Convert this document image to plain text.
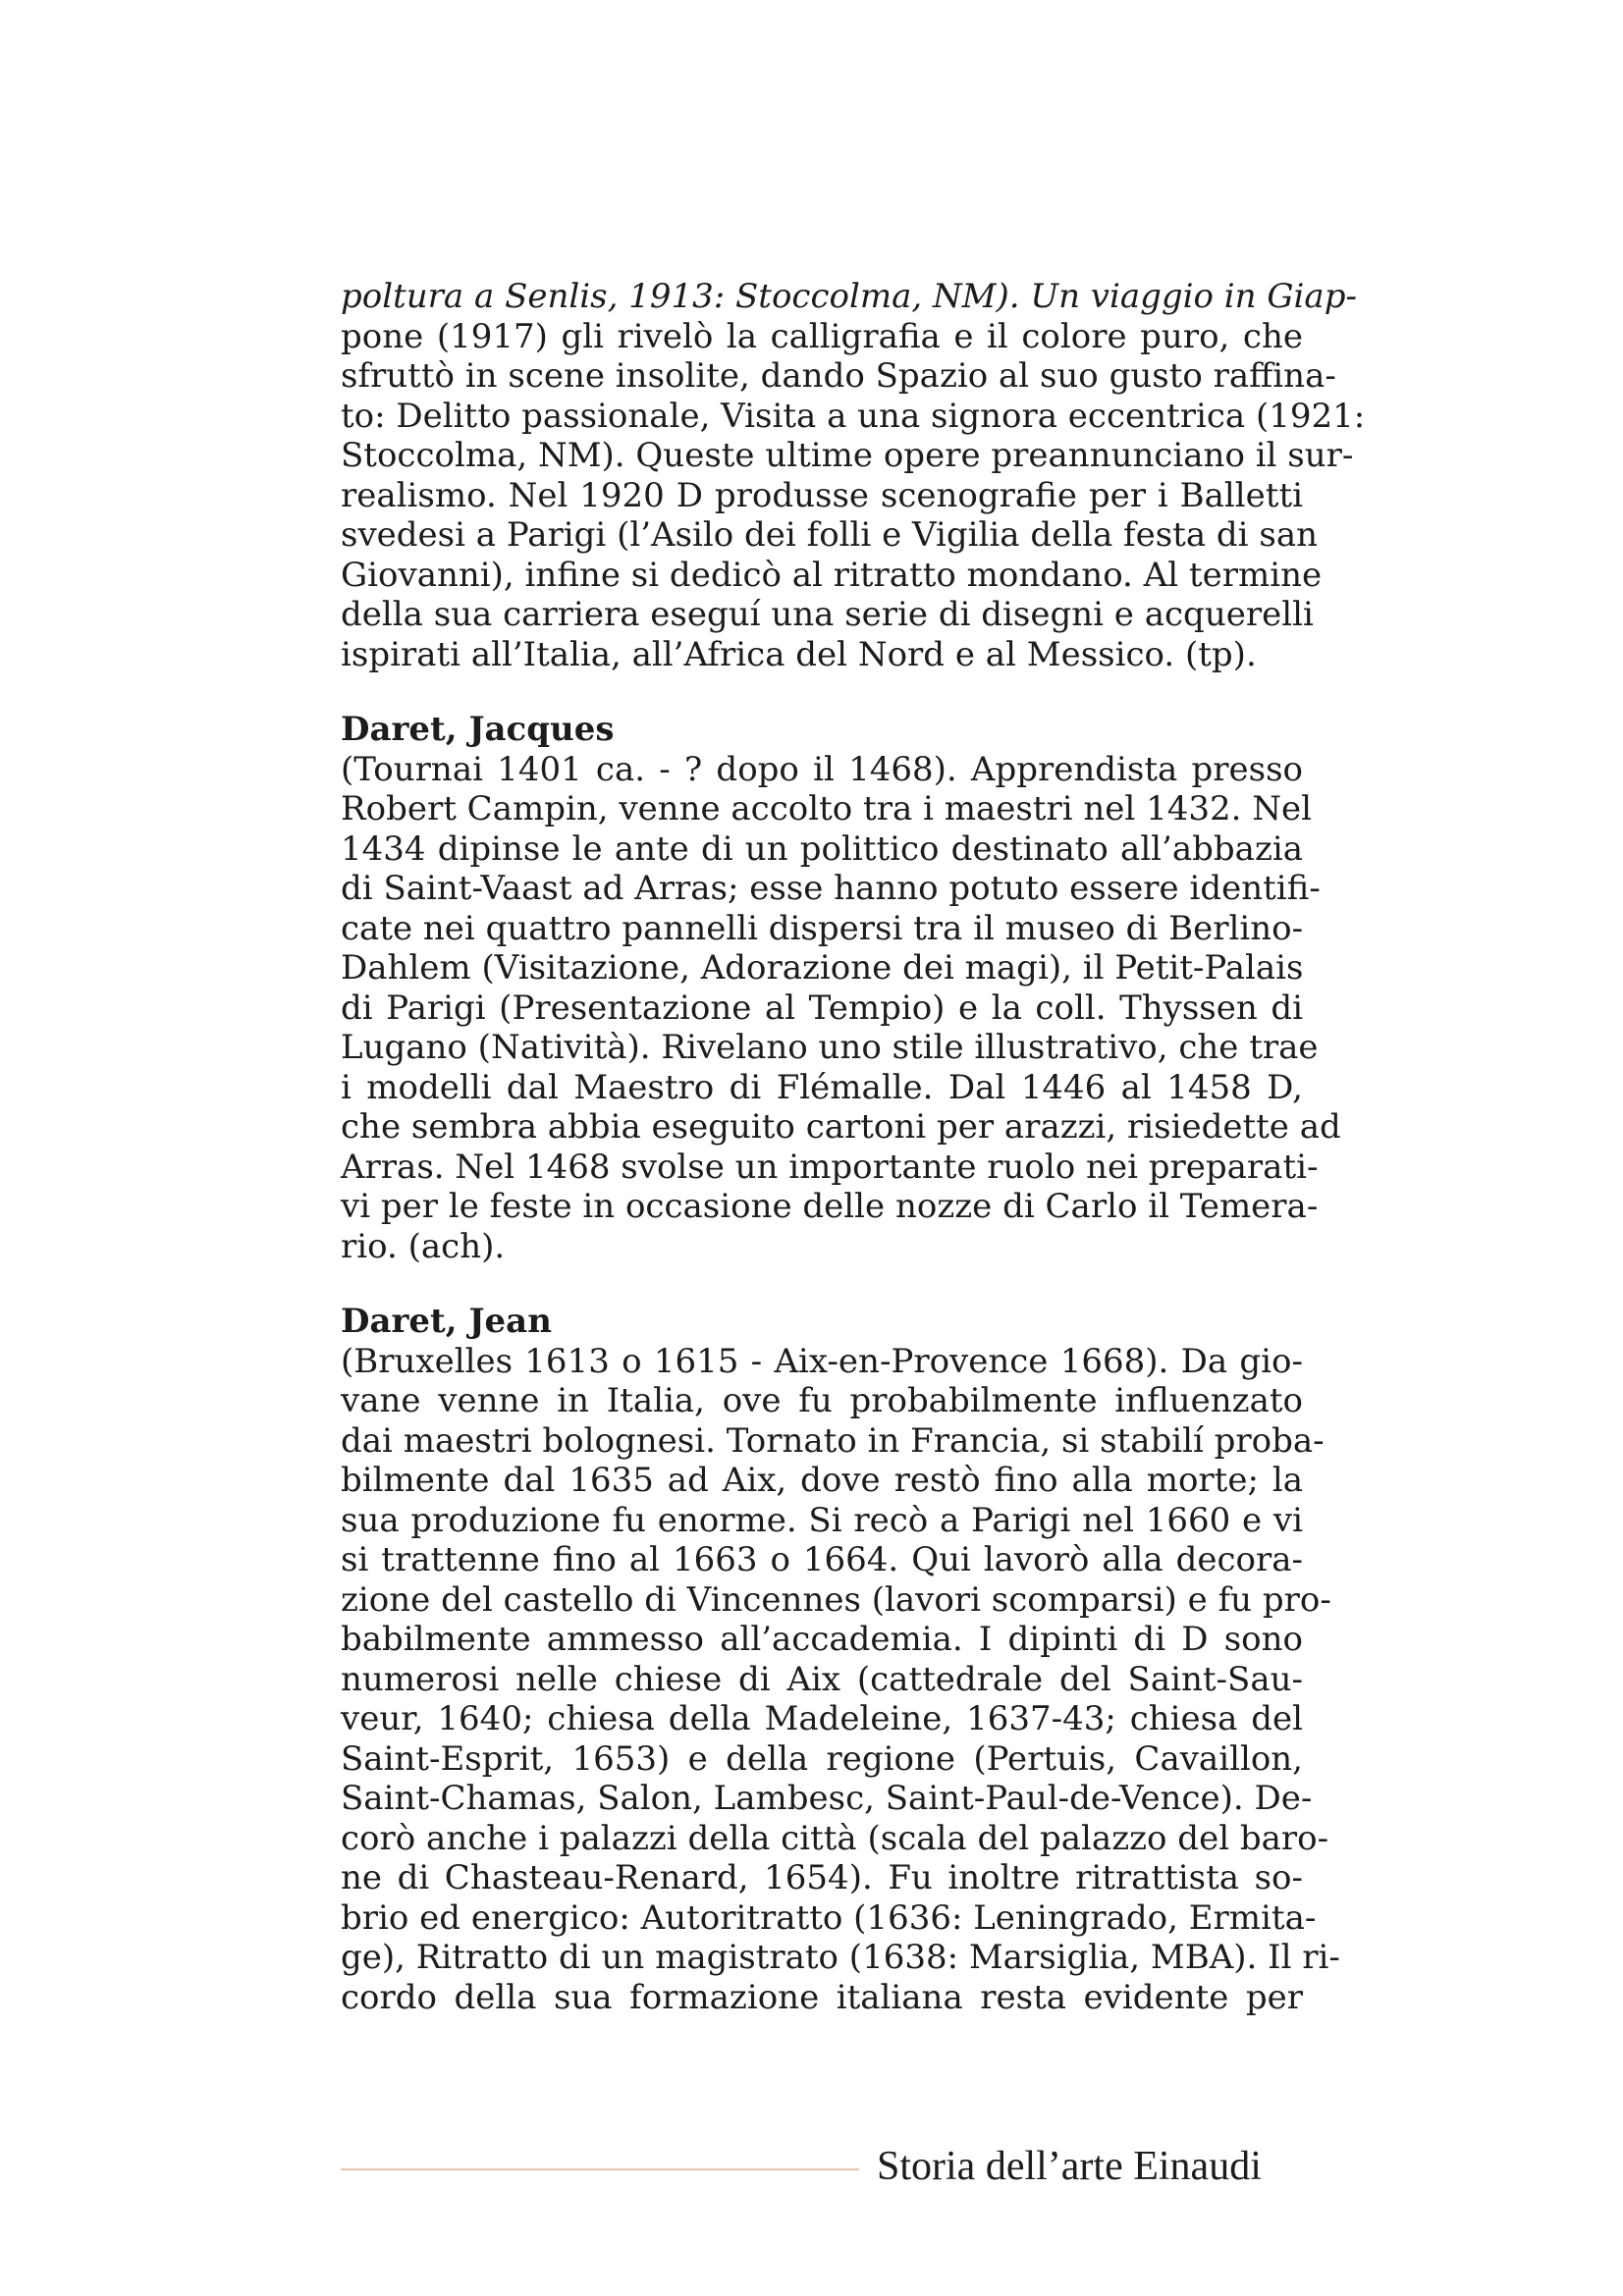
poltura a Senlis, 1913: Stoccolma, NM). Un viaggio in Giap-
pone (1917) gli rivelò la calligrafia e il colore puro, che
sfruttò in scene insolite, dando Spazio al suo gusto raffina-
to: Delitto passionale, Visita a una signora eccentrica (1921:
Stoccolma, NM). Queste ultime opere preannunciano il sur-
realismo. Nel 1920 D produsse scenografie per i Balletti
svedesi a Parigi (l’Asilo dei folli e Vigilia della festa di san
Giovanni), infine si dedicò al ritratto mondano. Al termine
della sua carriera eseguí una serie di disegni e acquerelli
ispirati all’Italia, all’Africa del Nord e al Messico. (tp).
Daret, Jacques
(Tournai 1401 ca. - ? dopo il 1468). Apprendista presso
Robert Campin, venne accolto tra i maestri nel 1432. Nel
1434 dipinse le ante di un polittico destinato all’abbazia
di Saint-Vaast ad Arras; esse hanno potuto essere identifi-
cate nei quattro pannelli dispersi tra il museo di Berlino-
Dahlem (Visitazione, Adorazione dei magi), il Petit-Palais
di Parigi (Presentazione al Tempio) e la coll. Thyssen di
Lugano (Natività). Rivelano uno stile illustrativo, che trae
i modelli dal Maestro di Flémalle. Dal 1446 al 1458 D,
che sembra abbia eseguito cartoni per arazzi, risiedette ad
Arras. Nel 1468 svolse un importante ruolo nei preparati-
vi per le feste in occasione delle nozze di Carlo il Temera-
rio. (ach).
Daret, Jean
(Bruxelles 1613 o 1615 - Aix-en-Provence 1668). Da gio-
vane venne in Italia, ove fu probabilmente influenzato
dai maestri bolognesi. Tornato in Francia, si stabilí proba-
bilmente dal 1635 ad Aix, dove restò fino alla morte; la
sua produzione fu enorme. Si recò a Parigi nel 1660 e vi
si trattenne fino al 1663 o 1664. Qui lavorò alla decora-
zione del castello di Vincennes (lavori scomparsi) e fu pro-
babilmente ammesso all’accademia. I dipinti di D sono
numerosi nelle chiese di Aix (cattedrale del Saint-Sau-
veur, 1640; chiesa della Madeleine, 1637-43; chiesa del
Saint-Esprit, 1653) e della regione (Pertuis, Cavaillon,
Saint-Chamas, Salon, Lambesc, Saint-Paul-de-Vence). De-
corò anche i palazzi della città (scala del palazzo del baro-
ne di Chasteau-Renard, 1654). Fu inoltre ritrattista so-
brio ed energico: Autoritratto (1636: Leningrado, Ermita-
ge), Ritratto di un magistrato (1638: Marsiglia, MBA). Il ri-
cordo della sua formazione italiana resta evidente per
Storia dell’arte Einaudi
